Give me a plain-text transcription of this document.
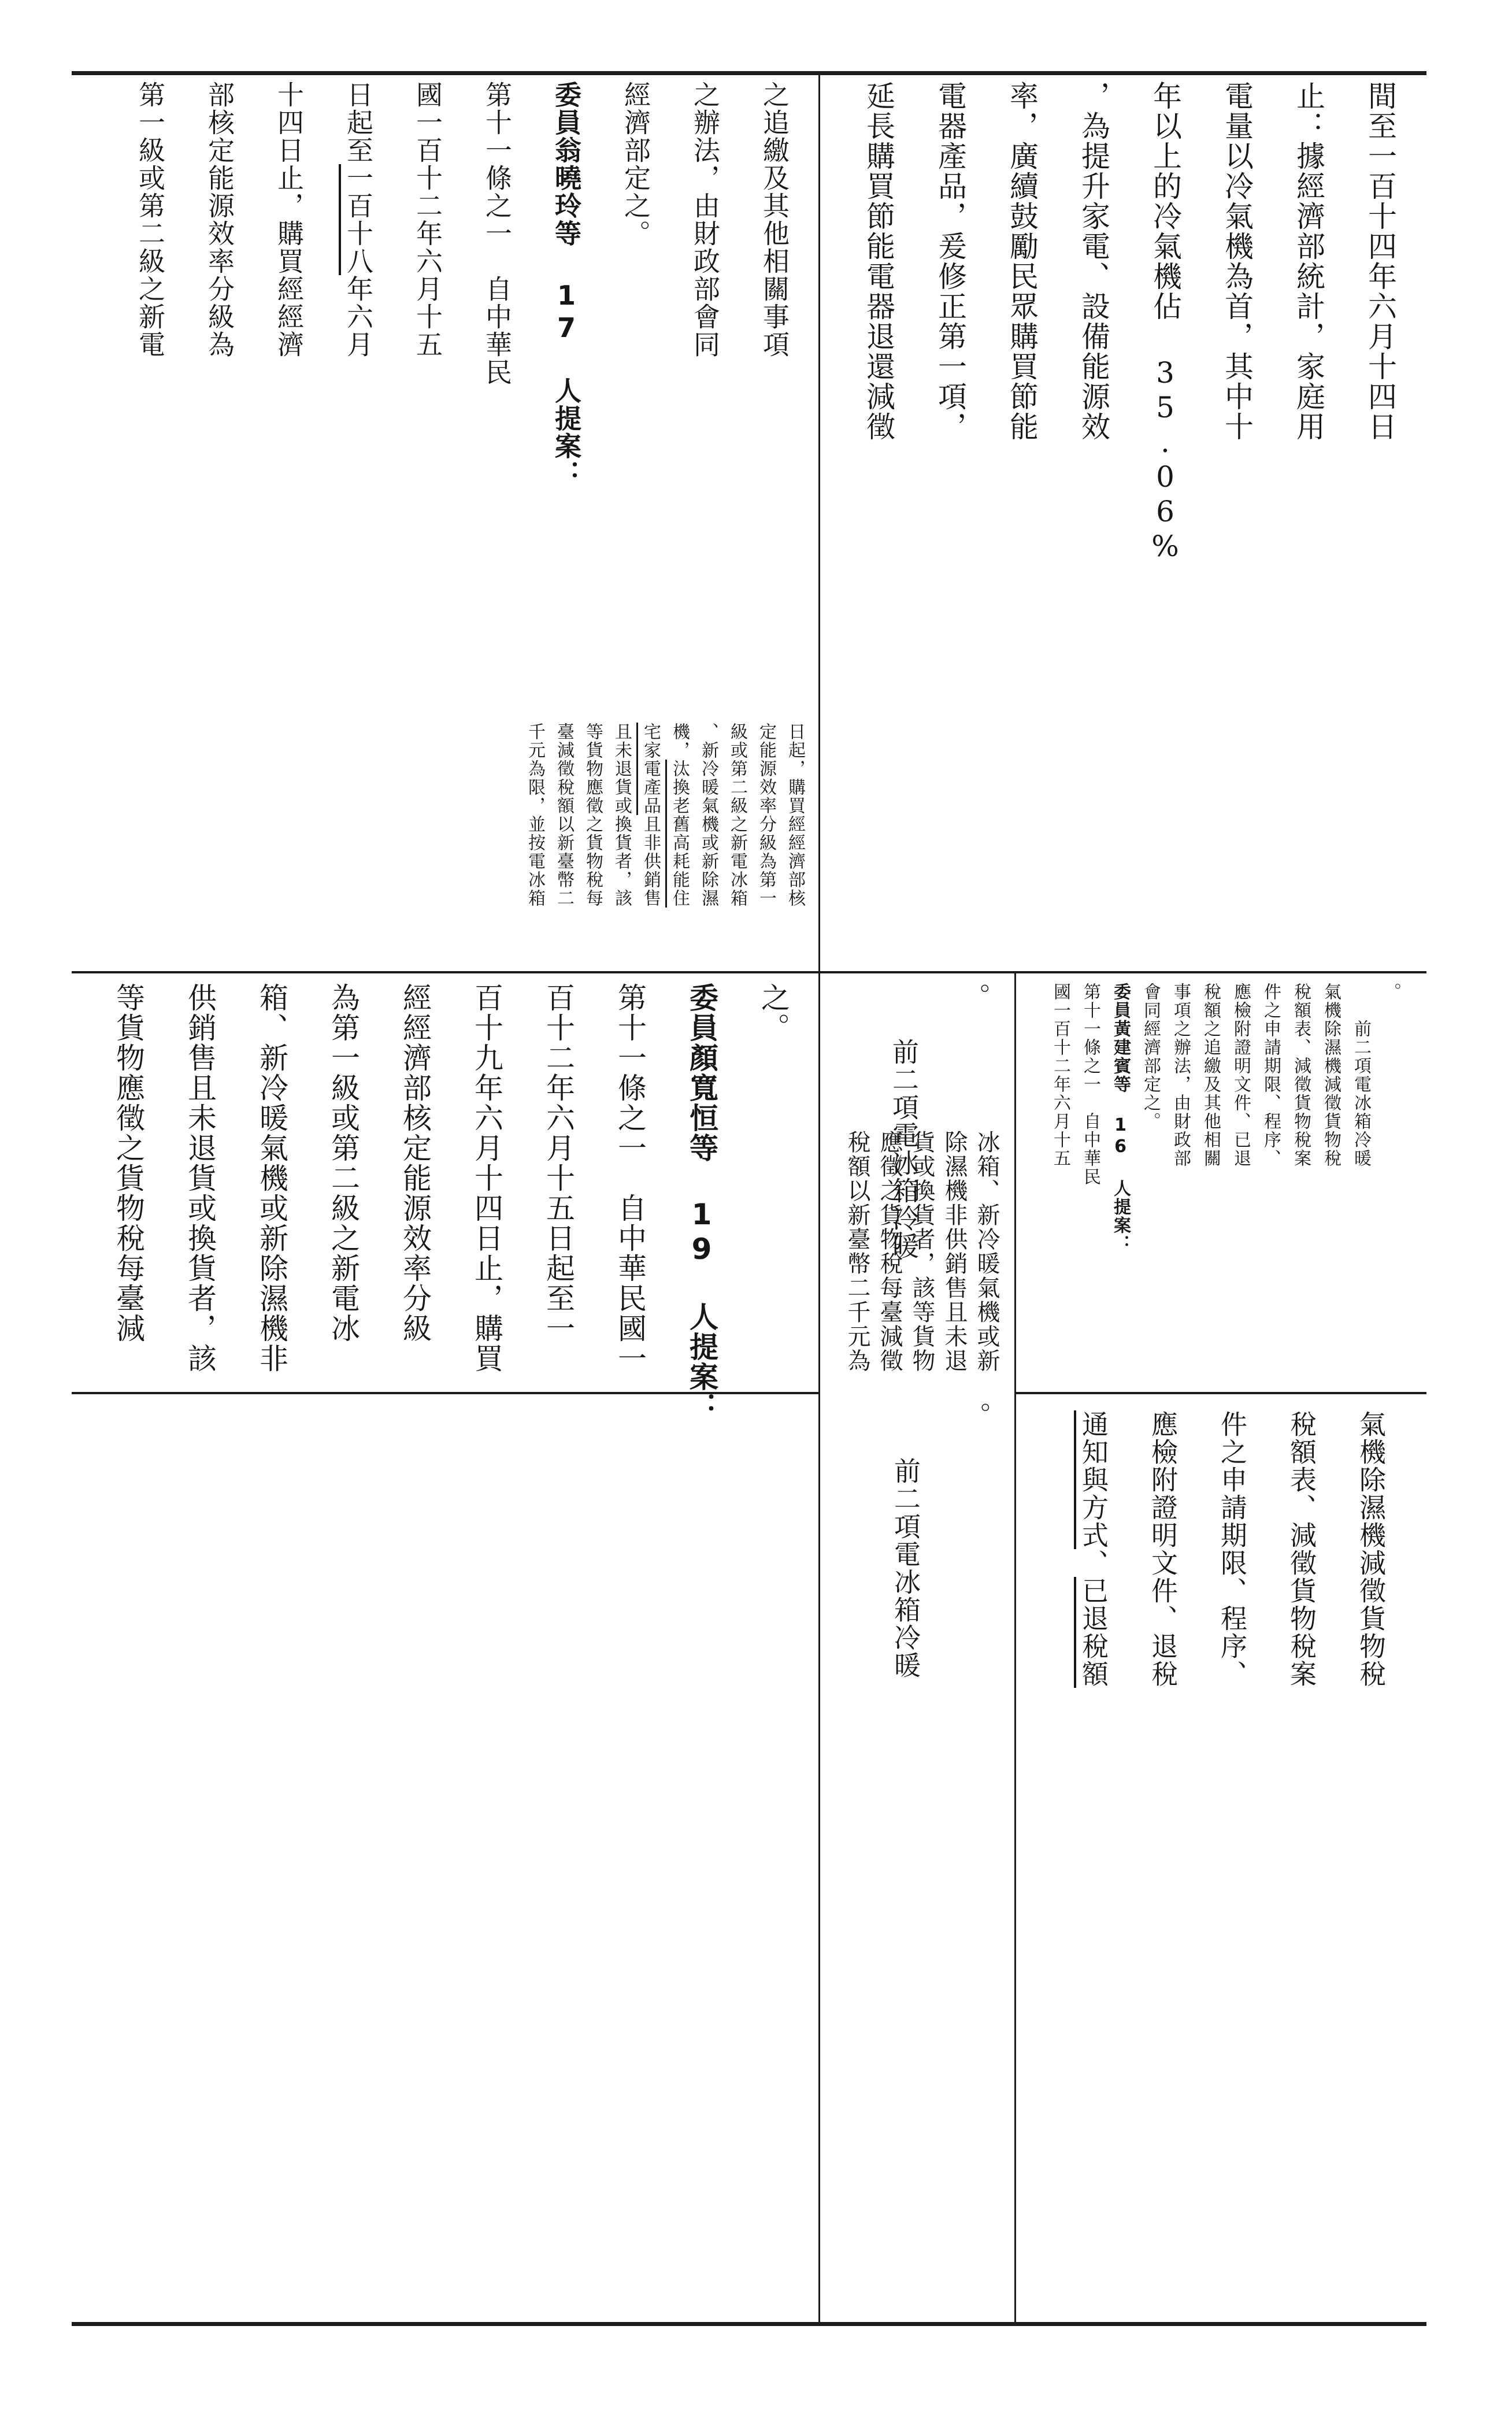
間至一百十四年六月十四日
止：據經濟部統計，家庭用
電量以冷氣機為首，其中十
年以上的冷氣機佔 35.06%
，為提升家電、設備能源效
率，廣續鼓勵民眾購買節能
電器產品，爰修正第一項，
延長購買節能電器退還減徵
之。
委員顏寬恒等 19 人提案：
第十一條之一　自中華民國一
百十二年六月十五日起至一
百十九年六月十四日止，購買
經經濟部核定能源效率分級
為第一級或第二級之新電冰
箱、新冷暖氣機或新除濕機非
供銷售且未退貨或換貨者，該
等貨物應徵之貨物稅每臺減
。
　　前二項電冰箱冷暖
。
　　前二項電冰箱冷暖
氣機除濕機減徵貨物稅
稅額表、減徵貨物稅案
件之申請期限、程序、
應檢附證明文件、退稅
通知與方式、已退稅額
之追繳及其他相關事項
之辦法，由財政部會同
經濟部定之。
委員翁曉玲等 17 人提案：
第十一條之一　自中華民
國一百十二年六月十五
日起至一百十八年六月
十四日止，購買經經濟
部核定能源效率分級為
第一級或第二級之新電
冰箱、新冷暖氣機或新
除濕機非供銷售且未退
貨或換貨者，該等貨物
應徵之貨物稅每臺減徵
稅額以新臺幣二千元為
。
　　前二項電冰箱冷暖
氣機除濕機減徵貨物稅
稅額表、減徵貨物稅案
件之申請期限、程序、
應檢附證明文件、已退
稅額之追繳及其他相關
事項之辦法，由財政部
會同經濟部定之。
委員黃建賓等 16 人提案：
第十一條之一　自中華民
國一百十二年六月十五
日起，購買經經濟部核
定能源效率分級為第一
級或第二級之新電冰箱
、新冷暖氣機或新除濕
機，汰換老舊高耗能住
宅家電產品且非供銷售
且未退貨或換貨者，該
等貨物應徵之貨物稅每
臺減徵稅額以新臺幣二
千元為限，並按電冰箱
